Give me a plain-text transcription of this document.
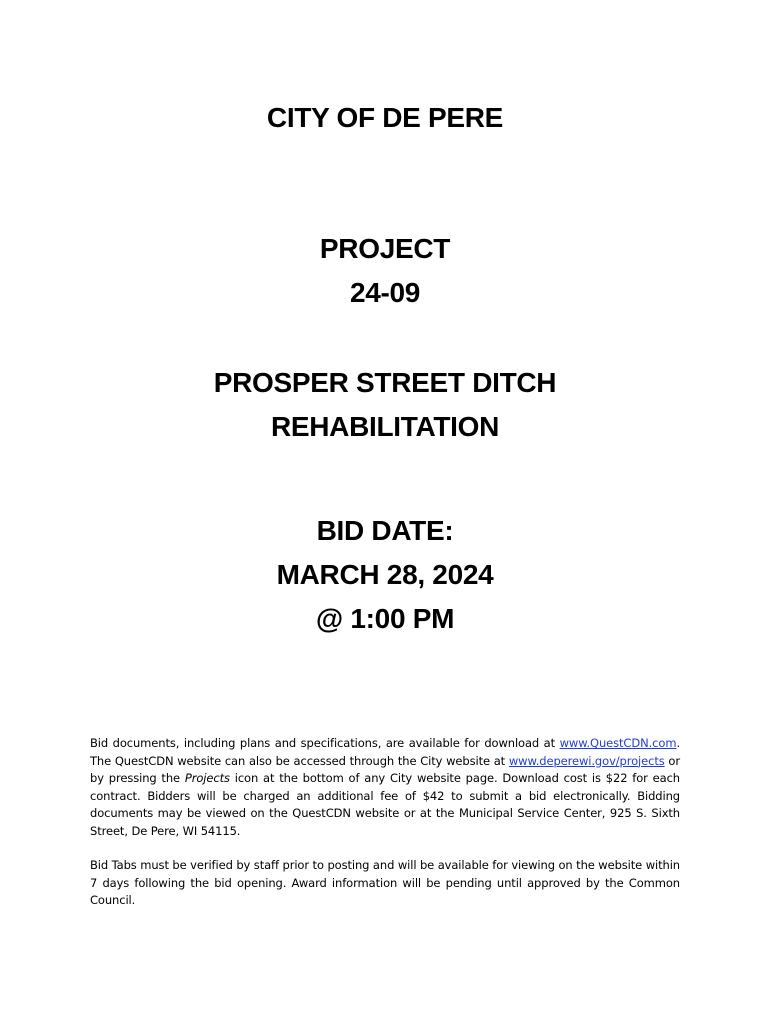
CITY OF DE PERE
PROJECT
24-09
PROSPER STREET DITCH
REHABILITATION
BID DATE:
MARCH 28, 2024
@ 1:00 PM
Bid documents, including plans and specifications, are available for download at www.QuestCDN.com. The QuestCDN website can also be accessed through the City website at www.deperewi.gov/projects or by pressing the Projects icon at the bottom of any City website page. Download cost is $22 for each contract. Bidders will be charged an additional fee of $42 to submit a bid electronically. Bidding documents may be viewed on the QuestCDN website or at the Municipal Service Center, 925 S. Sixth Street, De Pere, WI 54115.
Bid Tabs must be verified by staff prior to posting and will be available for viewing on the website within 7 days following the bid opening. Award information will be pending until approved by the Common Council.
